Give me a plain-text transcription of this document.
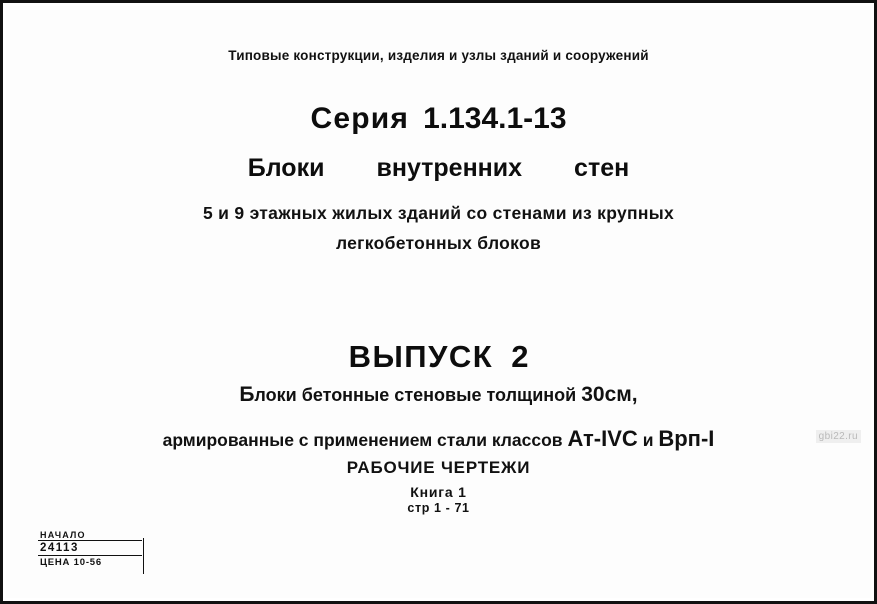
Типовые конструкции, изделия и узлы зданий и сооружений
Серия 1.134.1-13
Блоки внутренних стен
5 и 9 этажных жилых зданий со стенами из крупных
легкобетонных блоков
ВЫПУСК 2
Блоки бетонные стеновые толщиной 30см,
армированные с применением стали классов Ат-IVC и Вpп-I
РАБОЧИЕ ЧЕРТЕЖИ
Книга 1
стр 1 - 71
НАЧАЛО
24113
ЦЕНА 10-56
gbi22.ru
